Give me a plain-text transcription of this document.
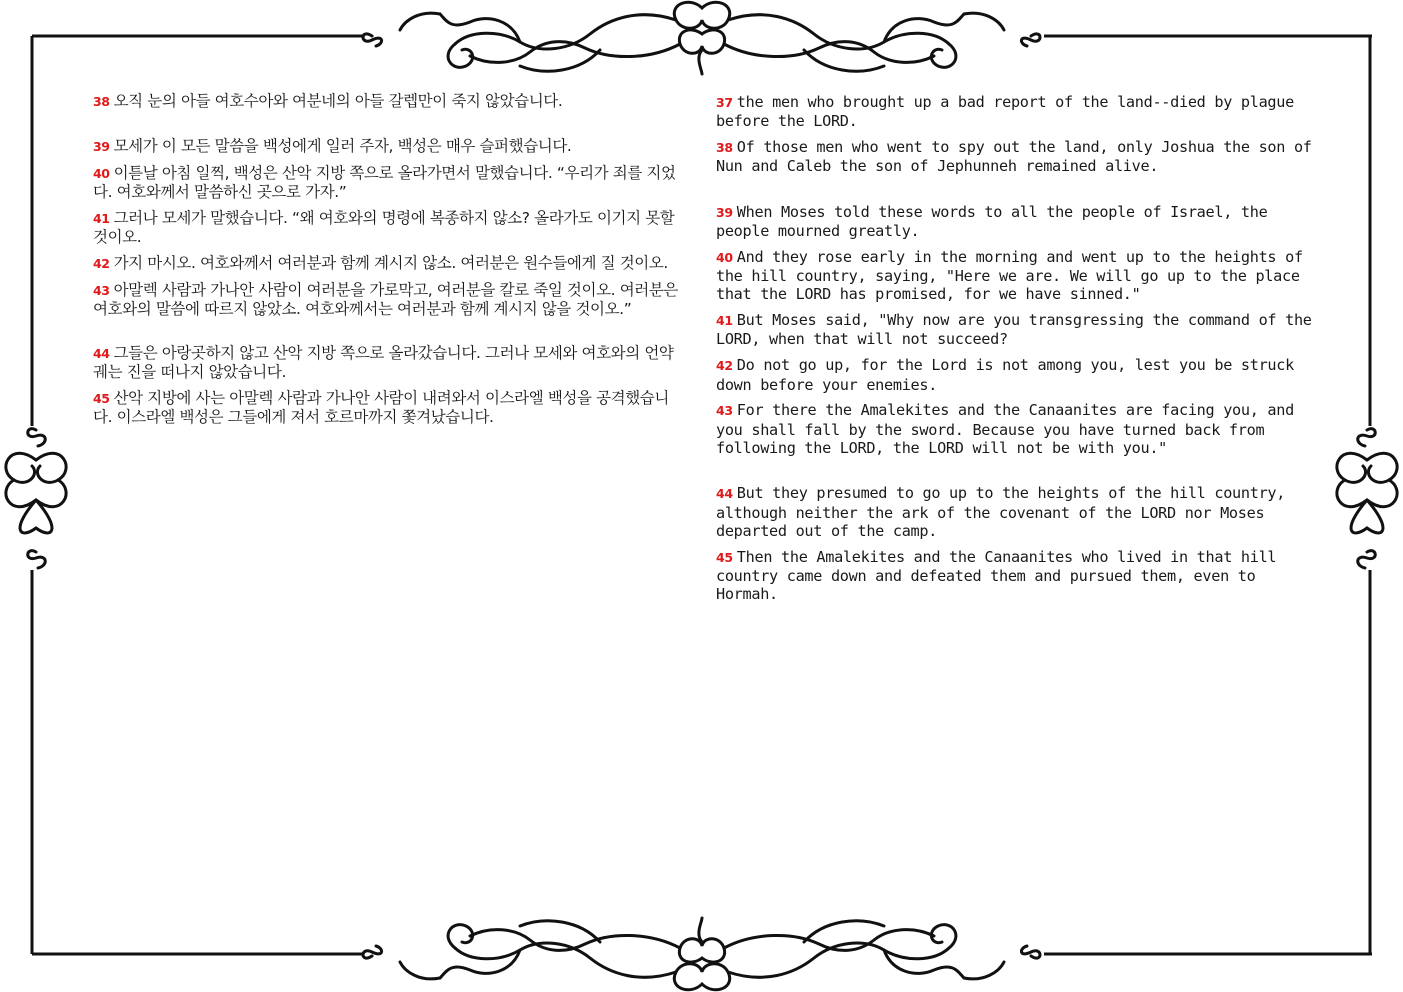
38 오직 눈의 아들 여호수아와 여분네의 아들 갈렙만이 죽지 않았습니다.

39 모세가 이 모든 말씀을 백성에게 일러 주자, 백성은 매우 슬퍼했습니다.

40 이튿날 아침 일찍, 백성은 산악 지방 쪽으로 올라가면서 말했습니다. “우리가 죄를 지었다. 여호와께서 말씀하신 곳으로 가자.”

41 그러나 모세가 말했습니다. “왜 여호와의 명령에 복종하지 않소? 올라가도 이기지 못할 것이오.

42 가지 마시오. 여호와께서 여러분과 함께 계시지 않소. 여러분은 원수들에게 질 것이오.

43 아말렉 사람과 가나안 사람이 여러분을 가로막고, 여러분을 칼로 죽일 것이오. 여러분은 여호와의 말씀에 따르지 않았소. 여호와께서는 여러분과 함께 계시지 않을 것이오.”

44 그들은 아랑곳하지 않고 산악 지방 쪽으로 올라갔습니다. 그러나 모세와 여호와의 언약궤는 진을 떠나지 않았습니다.

45 산악 지방에 사는 아말렉 사람과 가나안 사람이 내려와서 이스라엘 백성을 공격했습니다. 이스라엘 백성은 그들에게 져서 호르마까지 쫓겨났습니다.

37 the men who brought up a bad report of the land--died by plague before the LORD.

38 Of those men who went to spy out the land, only Joshua the son of Nun and Caleb the son of Jephunneh remained alive.

39 When Moses told these words to all the people of Israel, the people mourned greatly.

40 And they rose early in the morning and went up to the heights of the hill country, saying, "Here we are. We will go up to the place that the LORD has promised, for we have sinned."

41 But Moses said, "Why now are you transgressing the command of the LORD, when that will not succeed?

42 Do not go up, for the Lord is not among you, lest you be struck down before your enemies.

43 For there the Amalekites and the Canaanites are facing you, and you shall fall by the sword. Because you have turned back from following the LORD, the LORD will not be with you."

44 But they presumed to go up to the heights of the hill country, although neither the ark of the covenant of the LORD nor Moses departed out of the camp.

45 Then the Amalekites and the Canaanites who lived in that hill country came down and defeated them and pursued them, even to Hormah.
